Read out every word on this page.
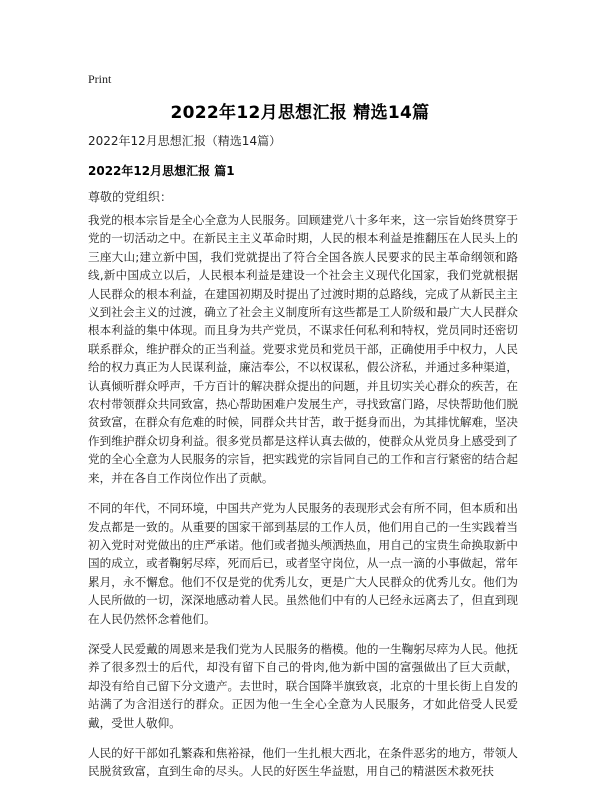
Print
2022年12月思想汇报 精选14篇
2022年12月思想汇报（精选14篇）
2022年12月思想汇报 篇1
尊敬的党组织：

我党的根本宗旨是全心全意为人民服务。回顾建党八十多年来，这一宗旨始终贯穿于党的一切活动之中。在新民主主义革命时期，人民的根本利益是推翻压在人民头上的三座大山;建立新中国，我们党就提出了符合全国各族人民要求的民主革命纲领和路线,新中国成立以后，人民根本利益是建设一个社会主义现代化国家，我们党就根据人民群众的根本利益，在建国初期及时提出了过渡时期的总路线，完成了从新民主主义到社会主义的过渡，确立了社会主义制度所有这些都是工人阶级和最广大人民群众根本利益的集中体现。而且身为共产党员，不谋求任何私利和特权，党员同时还密切联系群众，维护群众的正当利益。党要求党员和党员干部，正确使用手中权力，人民给的权力真正为人民谋利益，廉洁奉公，不以权谋私，假公济私，并通过多种渠道，认真倾听群众呼声，千方百计的解决群众提出的问题，并且切实关心群众的疾苦，在农村带领群众共同致富，热心帮助困难户发展生产，寻找致富门路，尽快帮助他们脱贫致富，在群众有危难的时候，同群众共甘苦，敢于挺身而出，为其排忧解难，坚决作到维护群众切身利益。很多党员都是这样认真去做的，使群众从党员身上感受到了党的全心全意为人民服务的宗旨，把实践党的宗旨同自己的工作和言行紧密的结合起来，并在各自工作岗位作出了贡献。

不同的年代，不同环境，中国共产党为人民服务的表现形式会有所不同，但本质和出发点都是一致的。从重要的国家干部到基层的工作人员，他们用自己的一生实践着当初入党时对党做出的庄严承诺。他们或者抛头颅洒热血，用自己的宝贵生命换取新中国的成立，或者鞠躬尽瘁，死而后已，或者坚守岗位，从一点一滴的小事做起，常年累月，永不懈怠。他们不仅是党的优秀儿女，更是广大人民群众的优秀儿女。他们为人民所做的一切，深深地感动着人民。虽然他们中有的人已经永远离去了，但直到现在人民仍然怀念着他们。

深受人民爱戴的周恩来是我们党为人民服务的楷模。他的一生鞠躬尽瘁为人民。他抚养了很多烈士的后代，却没有留下自己的骨肉,他为新中国的富强做出了巨大贡献，却没有给自己留下分文遗产。去世时，联合国降半旗致哀，北京的十里长街上自发的站满了为含泪送行的群众。正因为他一生全心全意为人民服务，才如此倍受人民爱戴，受世人敬仰。

人民的好干部如孔繁森和焦裕禄，他们一生扎根大西北，在条件恶劣的地方，带领人民脱贫致富，直到生命的尽头。人民的好医生华益慰，用自己的精湛医术救死扶
